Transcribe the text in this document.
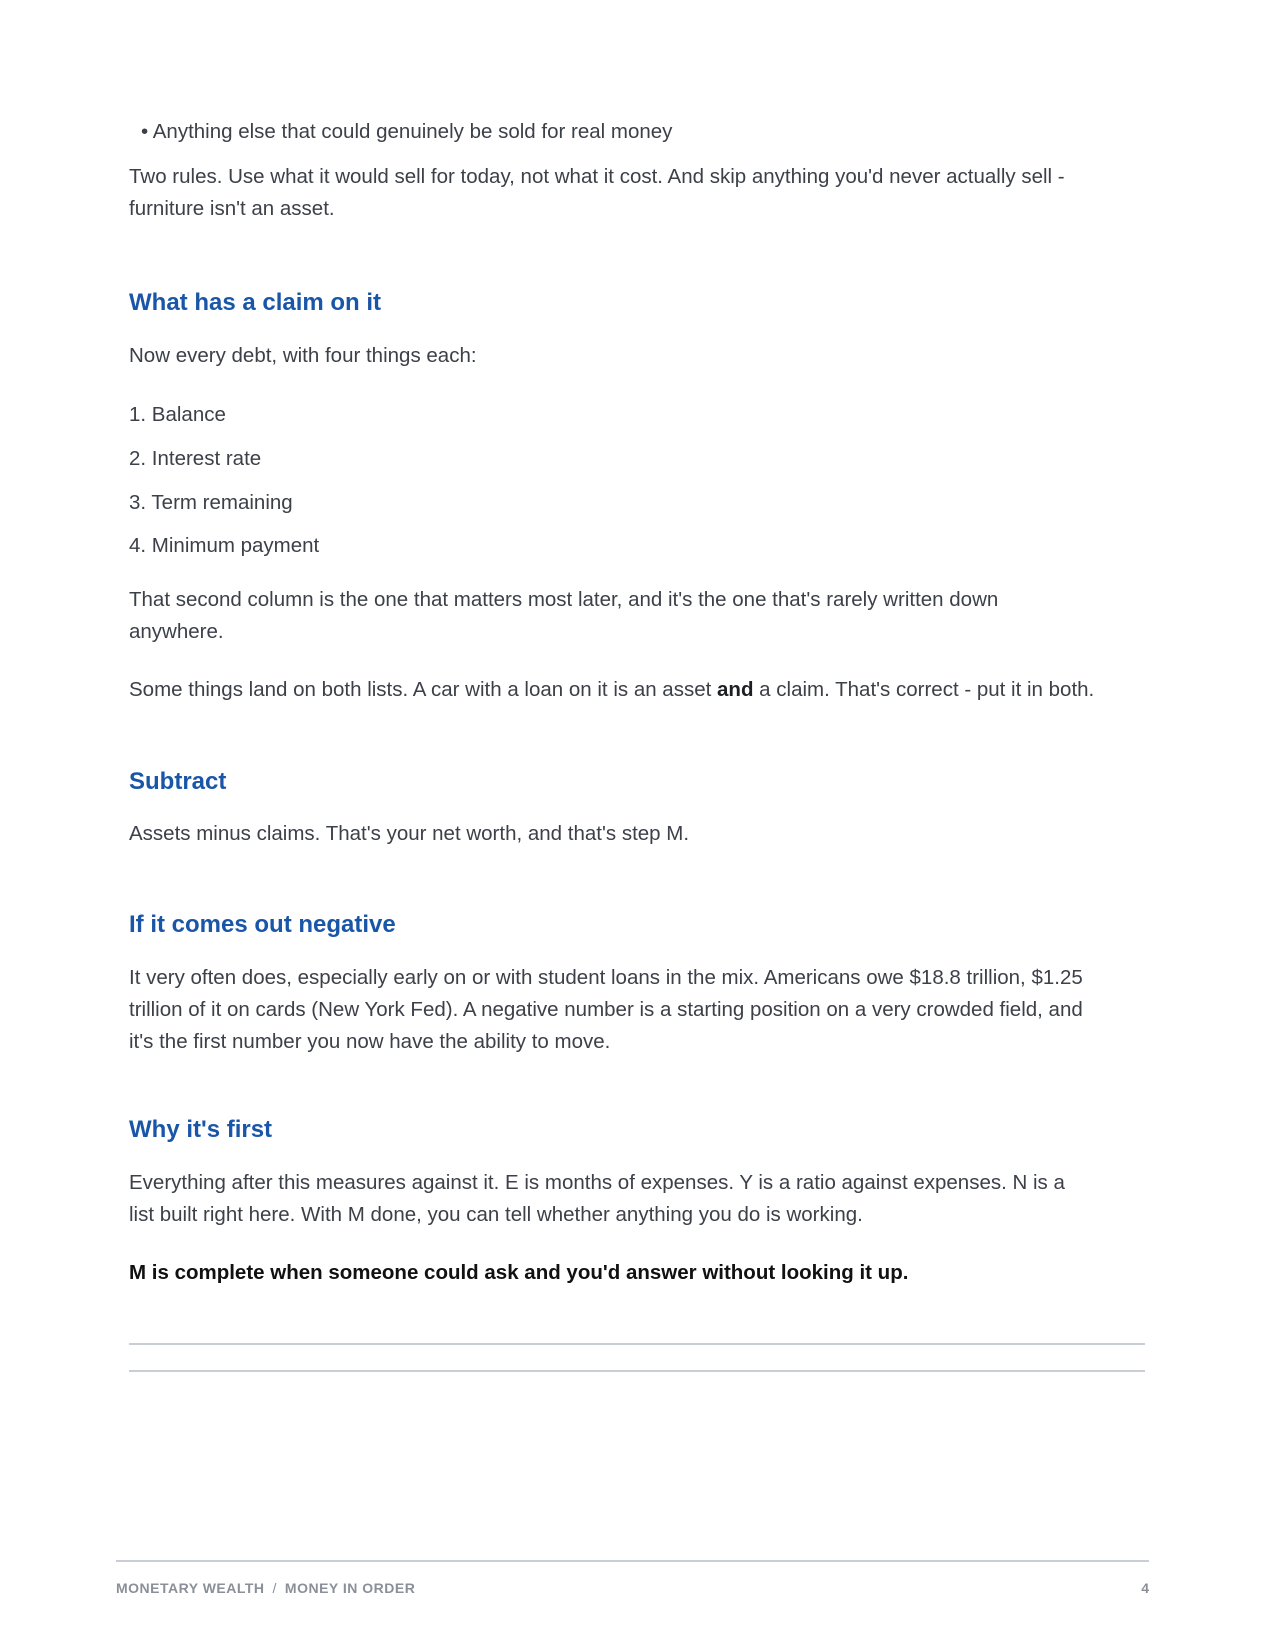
• Anything else that could genuinely be sold for real money

Two rules. Use what it would sell for today, not what it cost. And skip anything you'd never actually sell -

furniture isn't an asset.

What has a claim on it

Now every debt, with four things each:

1. Balance

2. Interest rate

3. Term remaining

4. Minimum payment

That second column is the one that matters most later, and it's the one that's rarely written down

anywhere.

Some things land on both lists. A car with a loan on it is an asset and a claim. That's correct - put it in both.

Subtract

Assets minus claims. That's your net worth, and that's step M.

If it comes out negative

It very often does, especially early on or with student loans in the mix. Americans owe $18.8 trillion, $1.25

trillion of it on cards (New York Fed). A negative number is a starting position on a very crowded field, and

it's the first number you now have the ability to move.

Why it's first

Everything after this measures against it. E is months of expenses. Y is a ratio against expenses. N is a

list built right here. With M done, you can tell whether anything you do is working.

M is complete when someone could ask and you'd answer without looking it up.

MONETARY WEALTH / MONEY IN ORDER	4
